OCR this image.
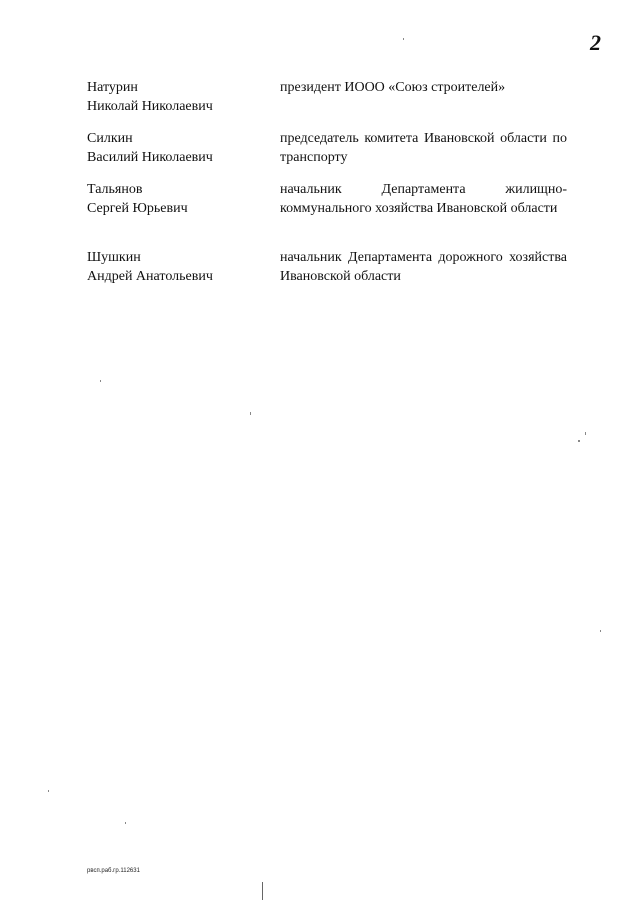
2
Натурин
Николай Николаевич
президент ИООО «Союз строителей»
Силкин
Василий Николаевич
председатель комитета Ивановской области по транспорту
Тальянов
Сергей Юрьевич
начальник Департамента жилищно-коммунального хозяйства Ивановской области
Шушкин
Андрей Анатольевич
начальник Департамента дорожного хозяйства Ивановской области
рвсп.раб.гр.112631
